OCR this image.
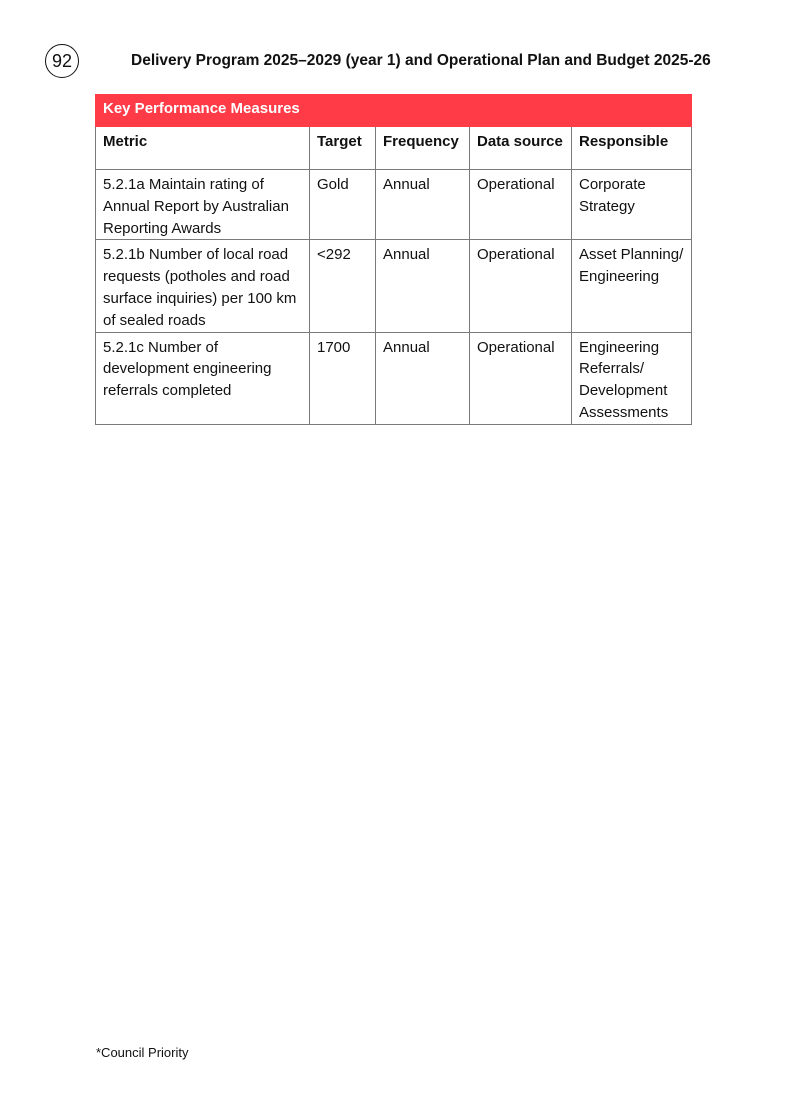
92	Delivery Program 2025–2029 (year 1) and Operational Plan and Budget 2025-26
Key Performance Measures				
Metric	Target	Frequency	Data source	Responsible
5.2.1a Maintain rating of Annual Report by Australian Reporting Awards	Gold	Annual	Operational	Corporate Strategy
5.2.1b Number of local road requests (potholes and road surface inquiries) per 100 km of sealed roads	<292	Annual	Operational	Asset Planning/ Engineering
5.2.1c Number of development engineering referrals completed	1700	Annual	Operational	Engineering Referrals/ Development Assessments
*Council Priority
